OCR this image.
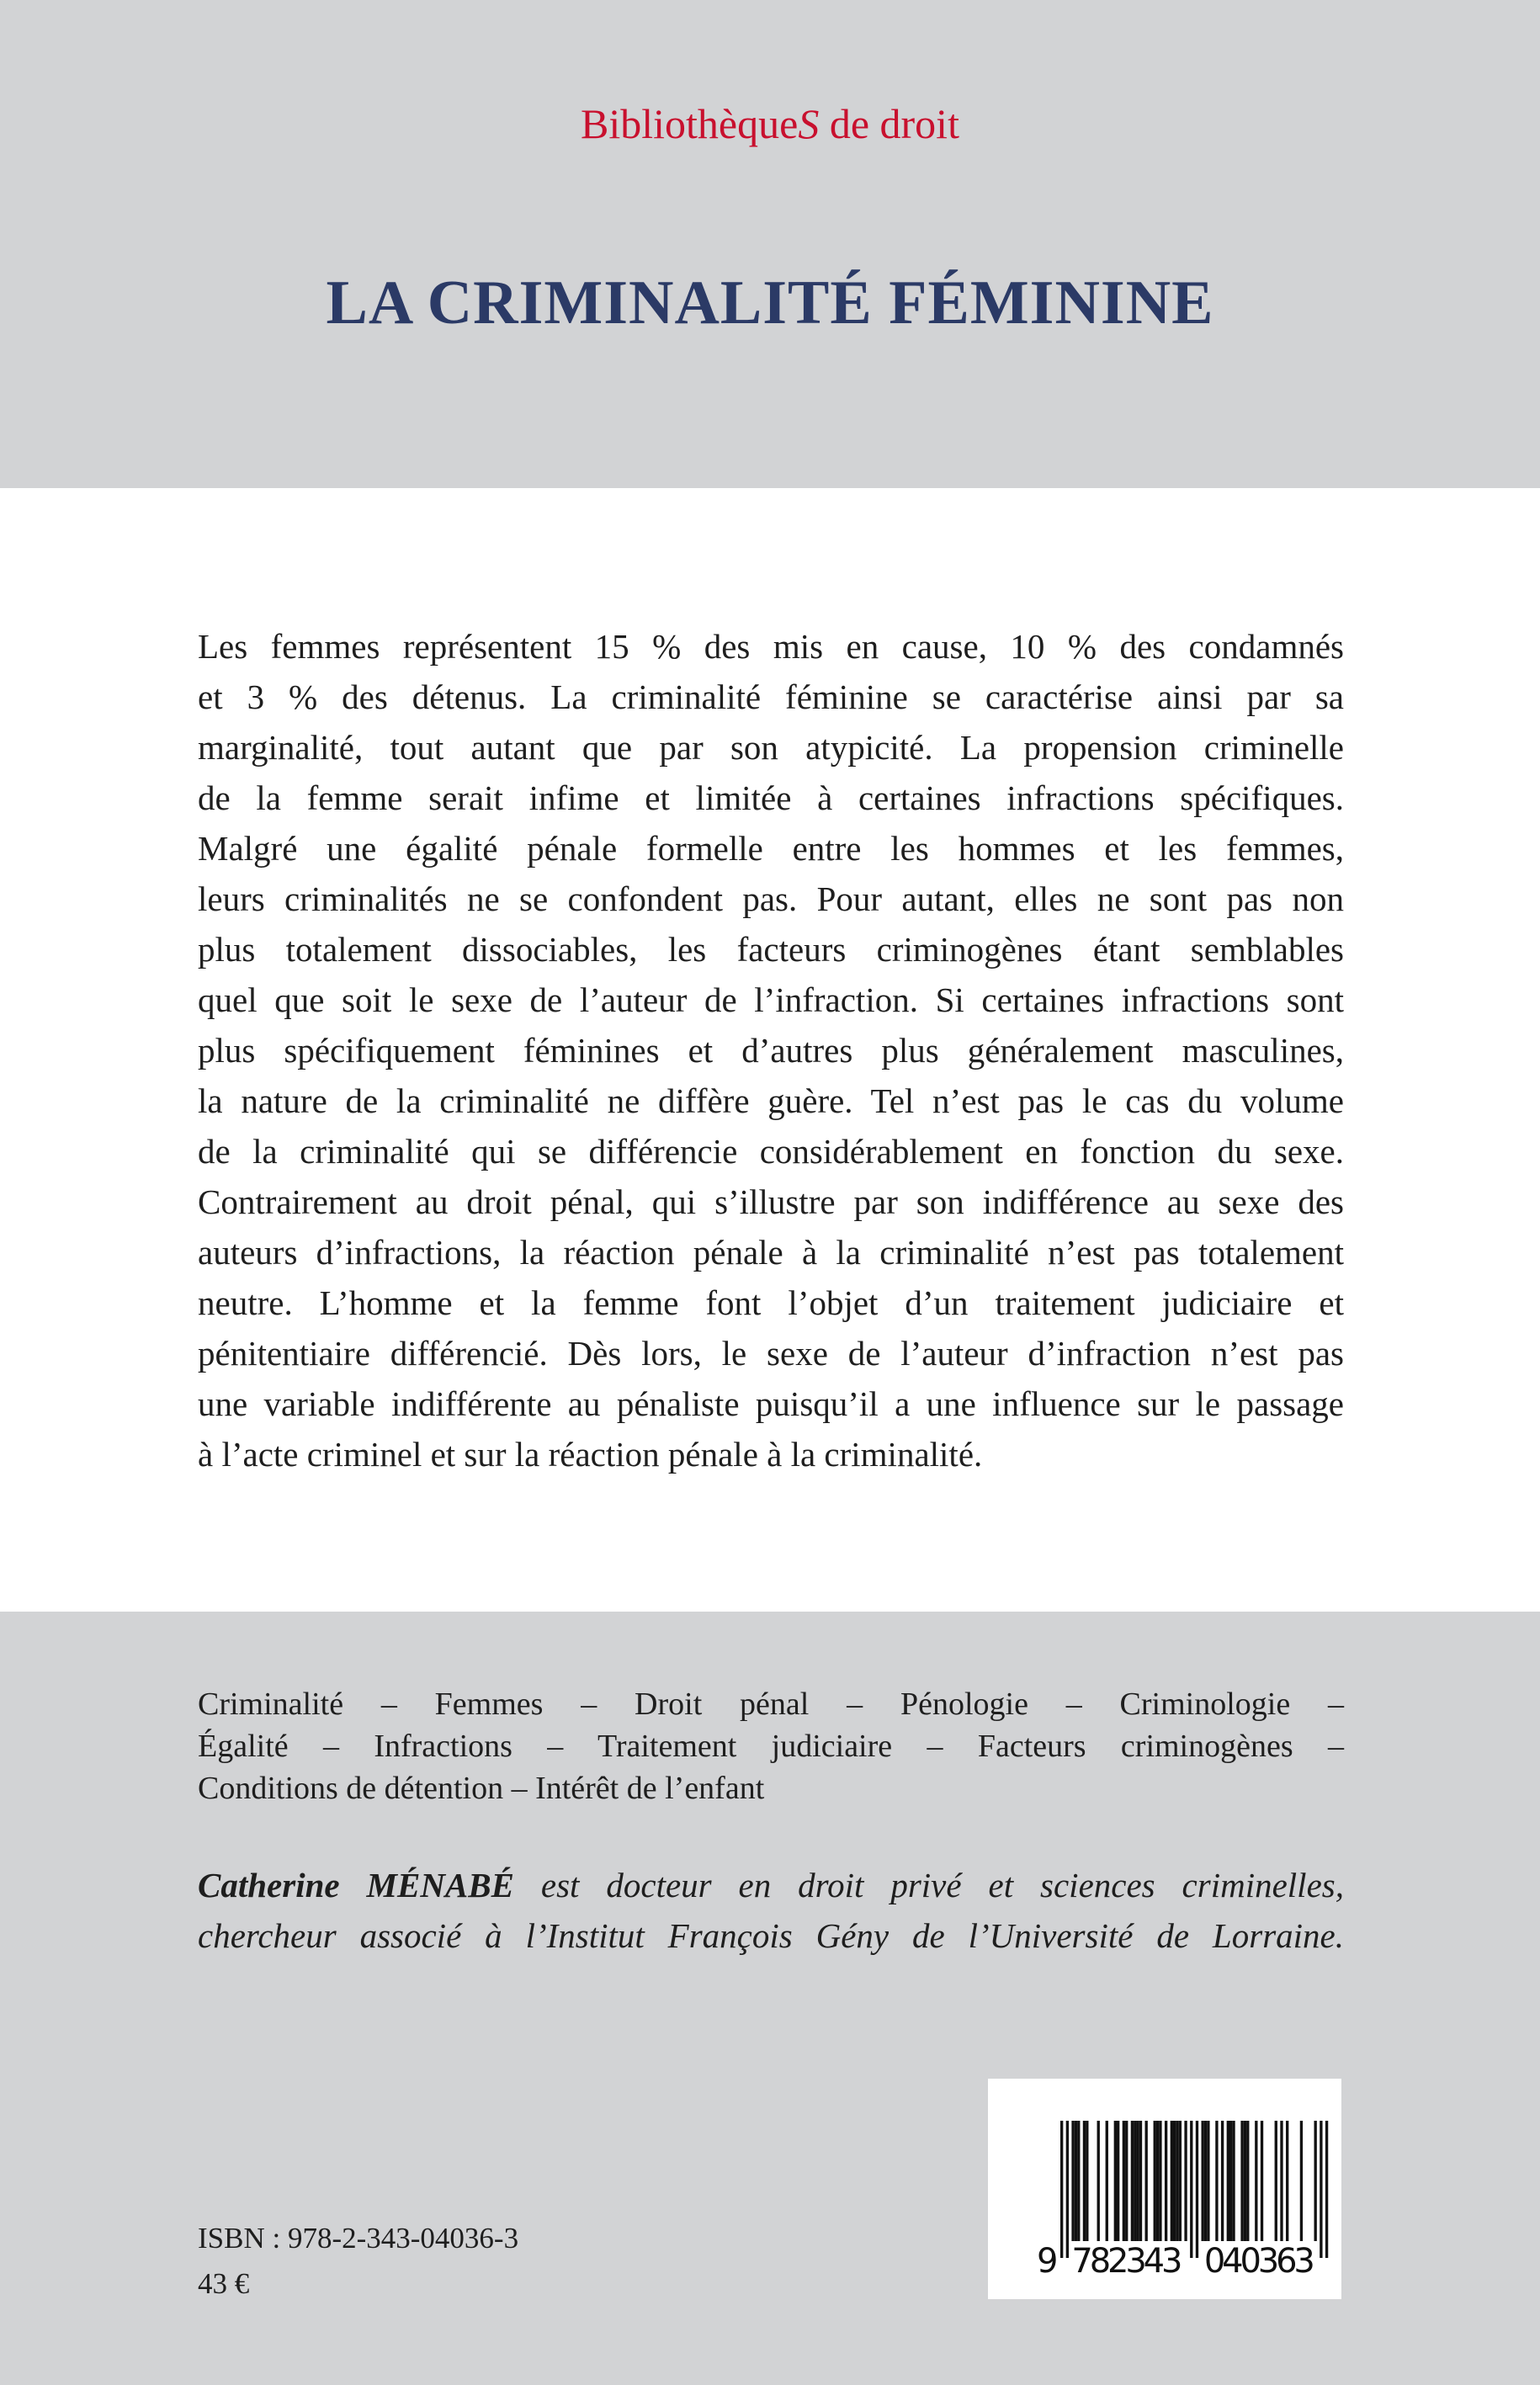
BibliothèqueS de droit
LA CRIMINALITÉ FÉMININE
Les femmes représentent 15 % des mis en cause, 10 % des condamnés
et 3 % des détenus. La criminalité féminine se caractérise ainsi par sa
marginalité, tout autant que par son atypicité. La propension criminelle
de la femme serait infime et limitée à certaines infractions spécifiques.
Malgré une égalité pénale formelle entre les hommes et les femmes,
leurs criminalités ne se confondent pas. Pour autant, elles ne sont pas non
plus totalement dissociables, les facteurs criminogènes étant semblables
quel que soit le sexe de l’auteur de l’infraction. Si certaines infractions sont
plus spécifiquement féminines et d’autres plus généralement masculines,
la nature de la criminalité ne diffère guère. Tel n’est pas le cas du volume
de la criminalité qui se différencie considérablement en fonction du sexe.
Contrairement au droit pénal, qui s’illustre par son indifférence au sexe des
auteurs d’infractions, la réaction pénale à la criminalité n’est pas totalement
neutre. L’homme et la femme font l’objet d’un traitement judiciaire et
pénitentiaire différencié. Dès lors, le sexe de l’auteur d’infraction n’est pas
une variable indifférente au pénaliste puisqu’il a une influence sur le passage
à l’acte criminel et sur la réaction pénale à la criminalité.
Criminalité – Femmes – Droit pénal – Pénologie – Criminologie –
Égalité – Infractions – Traitement judiciaire – Facteurs criminogènes –
Conditions de détention – Intérêt de l’enfant
Catherine MÉNABÉ est docteur en droit privé et sciences criminelles,
chercheur associé à l’Institut François Gény de l’Université de Lorraine.
ISBN : 978-2-343-04036-3
43 €
9 782343 040363
